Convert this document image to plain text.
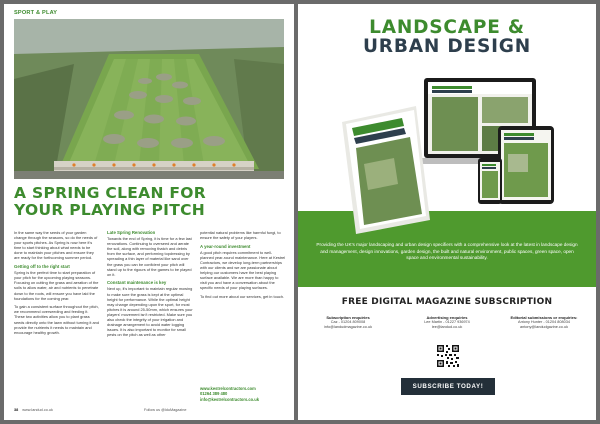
SPORT & PLAY
A SPRING CLEAN FOR
YOUR PLAYING PITCH

In the same way the seeds of your garden change through the seasons, so do the needs of your sports pitches. As Spring is now here it's time to start thinking about what needs to be done to maintain your pitches and ensure they are ready for the forthcoming summer period.

Getting off to the right start

Spring is the perfect time to start preparation of your pitch for the upcoming playing seasons. Focusing on cutting the grass and aeration of the soils to allow water, air and nutrients to penetrate down to the roots, will ensure you have laid the foundations for the coming year.

To gain a consistent surface throughout the pitch, we recommend overseeding and feeding it. These two activities allow you to plant grass seeds directly onto the lawn without turning it and provide the nutrients it needs to maintain and encourage healthy growth.

Late Spring Renovation

Towards the end of Spring, it is time for a few last renovations. Continuing to overseed and aerate the soil, along with removing thatch and debris from the surface, and performing topdressing by spreading a thin layer of material like sand over the grass you can be confident your pitch will stand up to the rigours of the games to be played on it.

Constant maintenance is key

Next up, it's important to maintain regular mowing to make sure the grass is kept at the optimal height for performance. While the optimal height may change depending upon the sport, for most pitches it is around 25-50mm, which ensures your players' movement isn't restricted. Make sure you also check the integrity of your irrigation and drainage arrangement to avoid water logging issues. It is also important to monitor for small pests on the pitch as well as other

potential natural problems like harmful fungi, to ensure the safety of your players.

A year-round investment

A good pitch requires commitment to well-planned year-round maintenance. Here at Kestrel Contractors, we develop long-term partnerships with our clients and we are passionate about helping our customers have the best playing surface available. We are more than happy to visit you and have a conversation about the specific needs of your playing surfaces.

To find out more about our services, get in touch.

www.kestrelcontractors.com
01264 389 480
info@kestrelcontractors.co.uk
38 www.landud.co.uk	Follow us @lduMagazine
LANDSCAPE &
URBAN DESIGN
Providing the UK's major landscaping and urban design specifiers with a comprehensive look at the latest in landscape design and management, design innovations, garden design, the built and natural environment, public spaces, green space, open space and environmental sustainability.
FREE DIGITAL MAGAZINE SUBSCRIPTION
Subscription enquiries
Caz - 01204 809008
info@landudmagazine.co.uk
Advertising enquiries
Lee Martin - 01227 936974
lee@landud.co.uk
Editorial submissions or enquiries:
Antony Hunter - 01204 808034
antony@landudgazine.co.uk
SUBSCRIBE TODAY!
